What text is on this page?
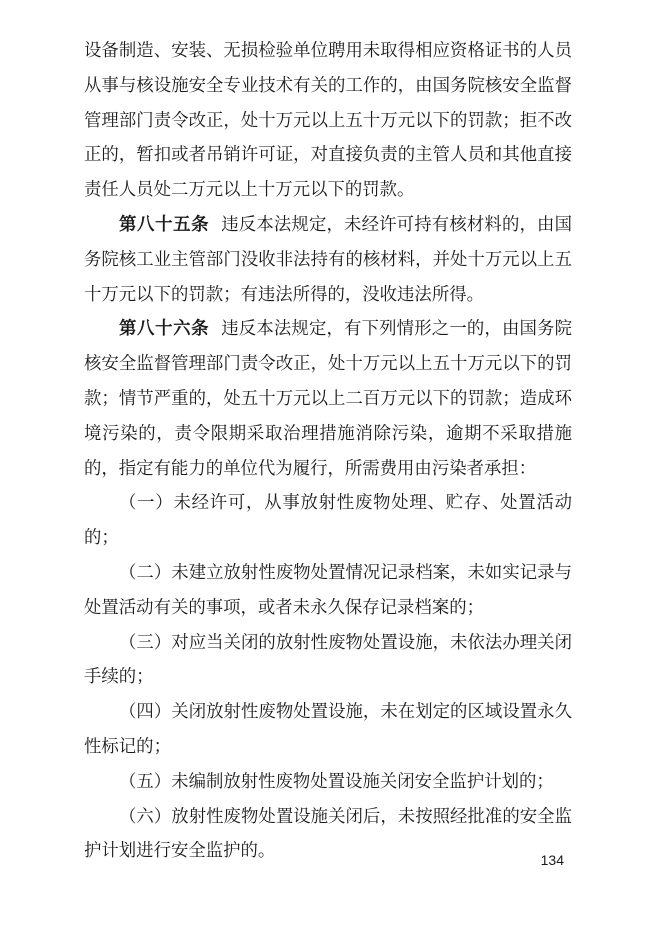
设备制造、安装、无损检验单位聘用未取得相应资格证书的人员从事与核设施安全专业技术有关的工作的，由国务院核安全监督管理部门责令改正，处十万元以上五十万元以下的罚款；拒不改正的，暂扣或者吊销许可证，对直接负责的主管人员和其他直接责任人员处二万元以上十万元以下的罚款。

第八十五条 违反本法规定，未经许可持有核材料的，由国务院核工业主管部门没收非法持有的核材料，并处十万元以上五十万元以下的罚款；有违法所得的，没收违法所得。

第八十六条 违反本法规定，有下列情形之一的，由国务院核安全监督管理部门责令改正，处十万元以上五十万元以下的罚款；情节严重的，处五十万元以上二百万元以下的罚款；造成环境污染的，责令限期采取治理措施消除污染，逾期不采取措施的，指定有能力的单位代为履行，所需费用由污染者承担：

（一）未经许可，从事放射性废物处理、贮存、处置活动的；

（二）未建立放射性废物处置情况记录档案，未如实记录与处置活动有关的事项，或者未永久保存记录档案的；

（三）对应当关闭的放射性废物处置设施，未依法办理关闭手续的；

（四）关闭放射性废物处置设施，未在划定的区域设置永久性标记的；

（五）未编制放射性废物处置设施关闭安全监护计划的；

（六）放射性废物处置设施关闭后，未按照经批准的安全监护计划进行安全监护的。	134
